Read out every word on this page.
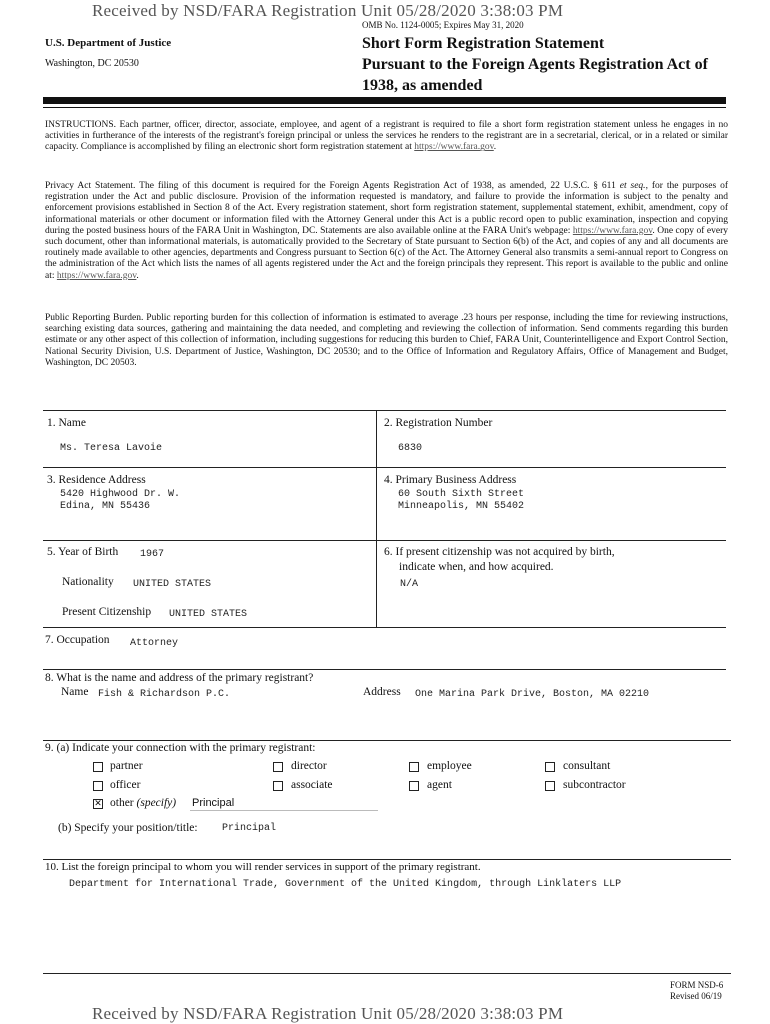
Received by NSD/FARA Registration Unit 05/28/2020 3:38:03 PM
OMB No. 1124-0005; Expires May 31, 2020
U.S. Department of Justice
Washington, DC 20530
Short Form Registration Statement
Pursuant to the Foreign Agents Registration Act of
1938, as amended

INSTRUCTIONS. Each partner, officer, director, associate, employee, and agent of a registrant is required to file a short form registration statement unless he engages in no activities in furtherance of the interests of the registrant's foreign principal or unless the services he renders to the registrant are in a secretarial, clerical, or in a related or similar capacity. Compliance is accomplished by filing an electronic short form registration statement at https://www.fara.gov.

Privacy Act Statement. The filing of this document is required for the Foreign Agents Registration Act of 1938, as amended, 22 U.S.C. § 611 et seq., for the purposes of registration under the Act and public disclosure. Provision of the information requested is mandatory, and failure to provide the information is subject to the penalty and enforcement provisions established in Section 8 of the Act. Every registration statement, short form registration statement, supplemental statement, exhibit, amendment, copy of informational materials or other document or information filed with the Attorney General under this Act is a public record open to public examination, inspection and copying during the posted business hours of the FARA Unit in Washington, DC. Statements are also available online at the FARA Unit's webpage: https://www.fara.gov. One copy of every such document, other than informational materials, is automatically provided to the Secretary of State pursuant to Section 6(b) of the Act, and copies of any and all documents are routinely made available to other agencies, departments and Congress pursuant to Section 6(c) of the Act. The Attorney General also transmits a semi-annual report to Congress on the administration of the Act which lists the names of all agents registered under the Act and the foreign principals they represent. This report is available to the public and online at: https://www.fara.gov.

Public Reporting Burden. Public reporting burden for this collection of information is estimated to average .23 hours per response, including the time for reviewing instructions, searching existing data sources, gathering and maintaining the data needed, and completing and reviewing the collection of information. Send comments regarding this burden estimate or any other aspect of this collection of information, including suggestions for reducing this burden to Chief, FARA Unit, Counterintelligence and Export Control Section, National Security Division, U.S. Department of Justice, Washington, DC 20530; and to the Office of Information and Regulatory Affairs, Office of Management and Budget, Washington, DC 20503.

1. Name
Ms. Teresa Lavoie
2. Registration Number
6830
3. Residence Address
5420 Highwood Dr. W.
Edina, MN 55436
4. Primary Business Address
60 South Sixth Street
Minneapolis, MN 55402
5. Year of Birth 1967
Nationality UNITED STATES
Present Citizenship UNITED STATES
6. If present citizenship was not acquired by birth,
indicate when, and how acquired.
N/A
7. Occupation Attorney
8. What is the name and address of the primary registrant?
Name Fish & Richardson P.C.	Address One Marina Park Drive, Boston, MA 02210
9. (a) Indicate your connection with the primary registrant:
partner	director	employee	consultant
officer	associate	agent	subcontractor
✕ other (specify) Principal
(b) Specify your position/title: Principal
10. List the foreign principal to whom you will render services in support of the primary registrant.
Department for International Trade, Government of the United Kingdom, through Linklaters LLP
FORM NSD-6
Revised 06/19
Received by NSD/FARA Registration Unit 05/28/2020 3:38:03 PM
